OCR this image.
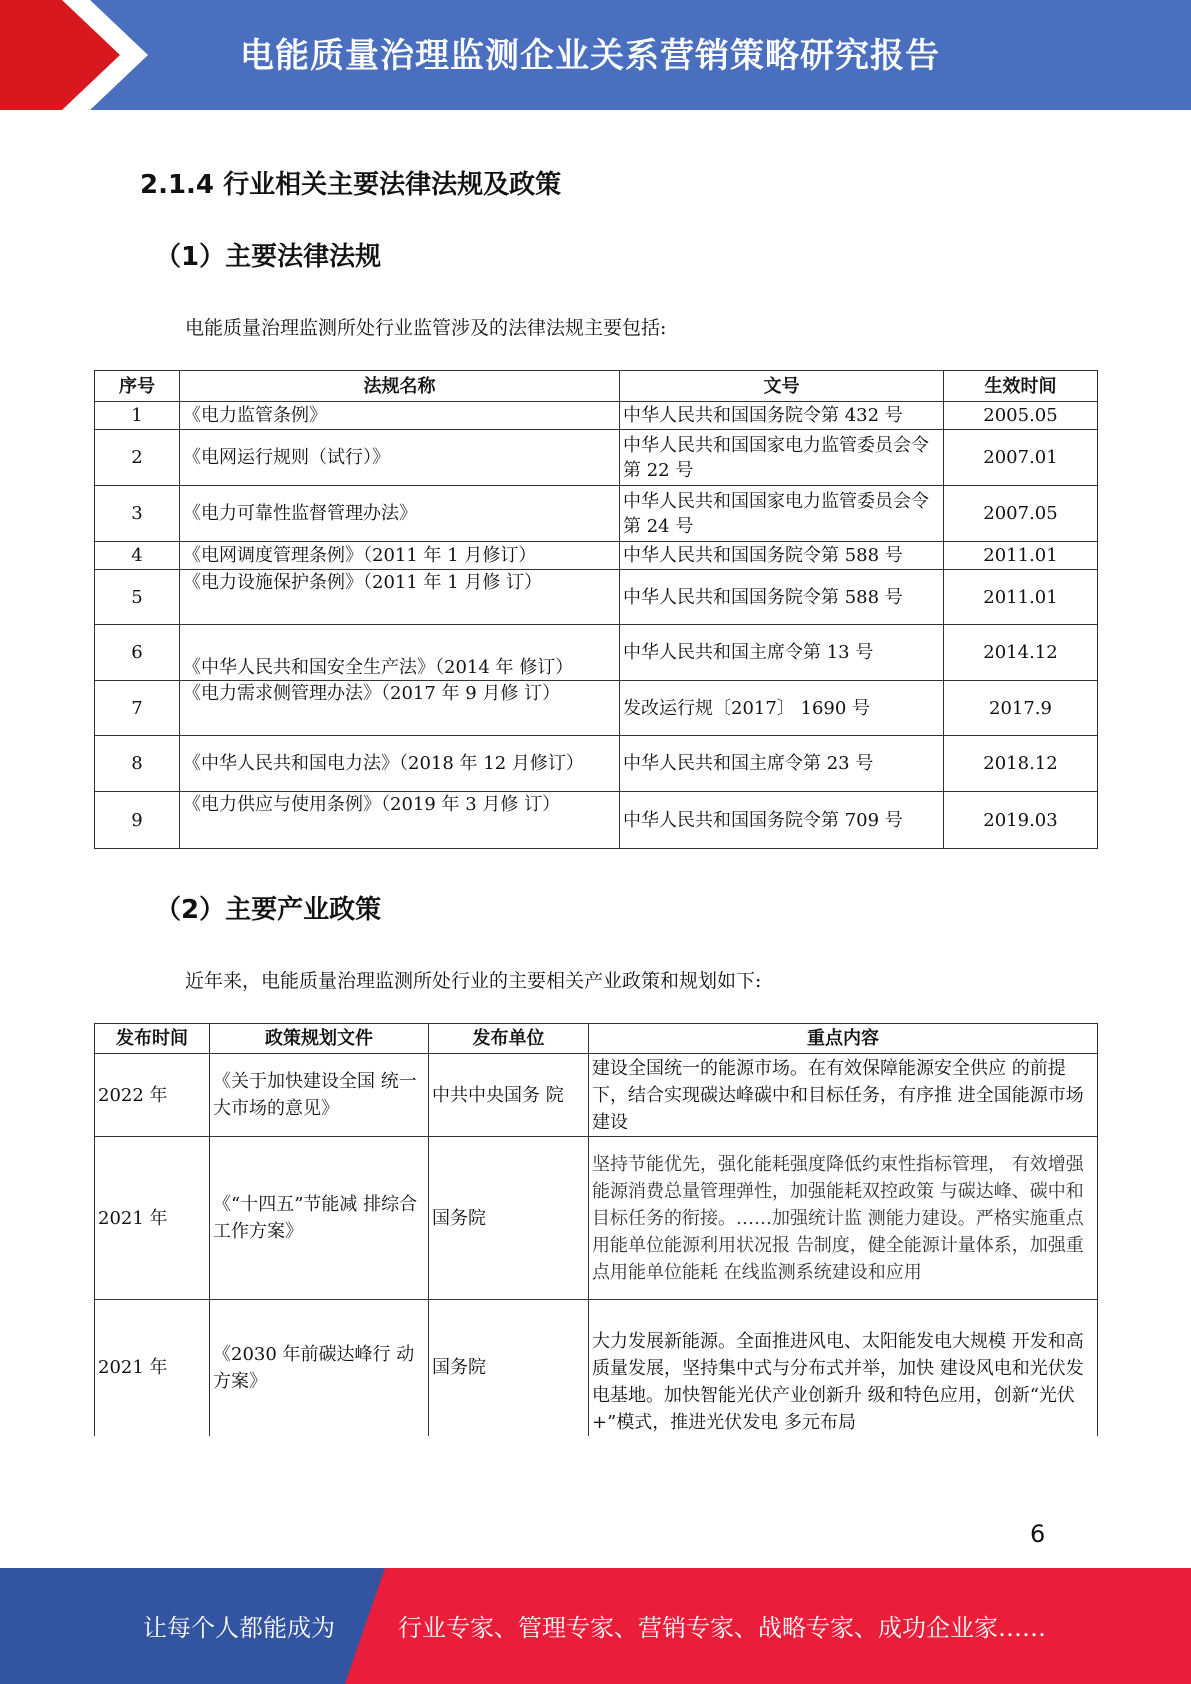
电能质量治理监测企业关系营销策略研究报告
2.1.4 行业相关主要法律法规及政策
（1）主要法律法规
电能质量治理监测所处行业监管涉及的法律法规主要包括:
序号	法规名称	文号	生效时间
1	《电力监管条例》	中华人民共和国国务院令第 432 号	2005.05
2	《电网运行规则（试行）》	中华人民共和国国家电力监管委员会令第 22 号	2007.01
3	《电力可靠性监督管理办法》	中华人民共和国国家电力监管委员会令第 24 号	2007.05
4	《电网调度管理条例》（2011 年 1 月修订）	中华人民共和国国务院令第 588 号	2011.01
5	《电力设施保护条例》（2011 年 1 月修 订）	中华人民共和国国务院令第 588 号	2011.01
6	《中华人民共和国安全生产法》（2014 年 修订）	中华人民共和国主席令第 13 号	2014.12
7	《电力需求侧管理办法》（2017 年 9 月修 订）	发改运行规〔2017〕 1690 号	2017.9
8	《中华人民共和国电力法》（2018 年 12 月修订）	中华人民共和国主席令第 23 号	2018.12
9	《电力供应与使用条例》（2019 年 3 月修 订）	中华人民共和国国务院令第 709 号	2019.03
（2）主要产业政策
近年来，电能质量治理监测所处行业的主要相关产业政策和规划如下:
发布时间	政策规划文件	发布单位	重点内容
2022 年	《关于加快建设全国 统一大市场的意见》	中共中央国务 院	建设全国统一的能源市场。在有效保障能源安全供应 的前提下，结合实现碳达峰碳中和目标任务，有序推 进全国能源市场建设
2021 年	《“十四五”节能减 排综合工作方案》	国务院	坚持节能优先，强化能耗强度降低约束性指标管理， 有效增强能源消费总量管理弹性，加强能耗双控政策 与碳达峰、碳中和目标任务的衔接。……加强统计监 测能力建设。严格实施重点用能单位能源利用状况报 告制度，健全能源计量体系，加强重点用能单位能耗 在线监测系统建设和应用
2021 年	《2030 年前碳达峰行 动方案》	国务院	大力发展新能源。全面推进风电、太阳能发电大规模 开发和高质量发展，坚持集中式与分布式并举，加快 建设风电和光伏发电基地。加快智能光伏产业创新升 级和特色应用，创新“光伏+”模式，推进光伏发电 多元布局
6
让每个人都能成为	行业专家、管理专家、营销专家、战略专家、成功企业家……
